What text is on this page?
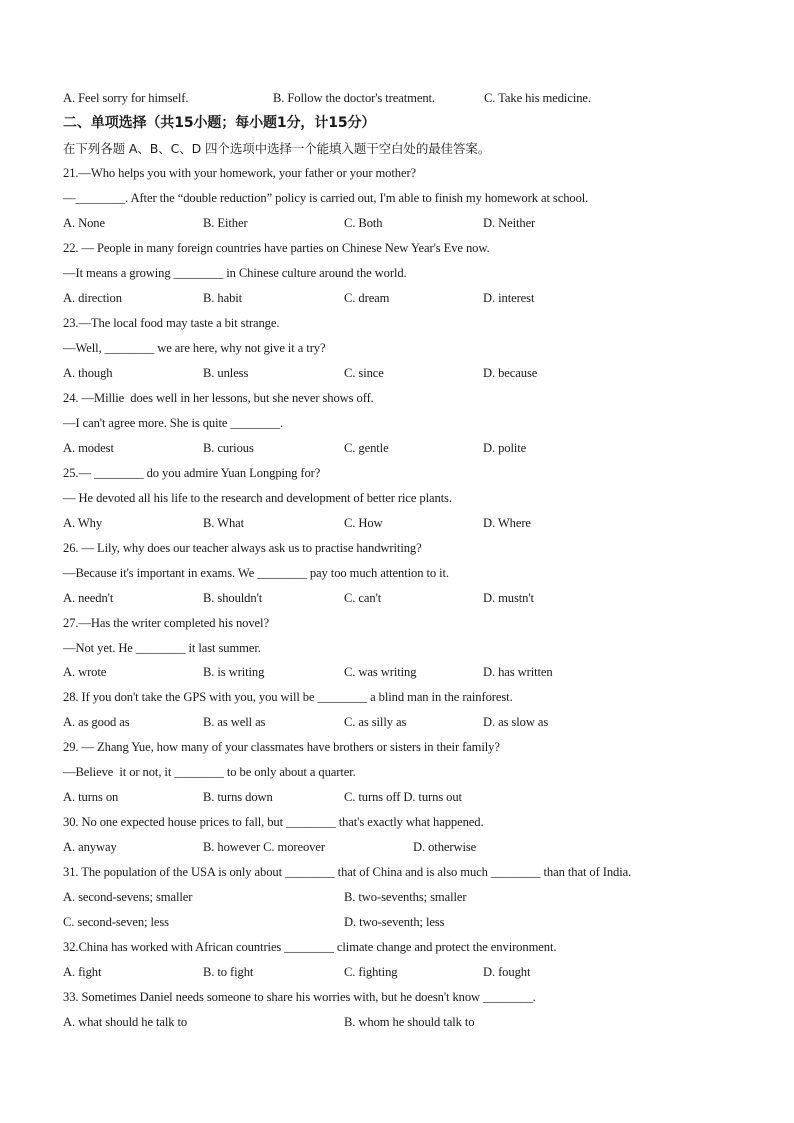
A. Feel sorry for himself.	B. Follow the doctor's treatment.	C. Take his medicine.
二、单项选择（共15小题；每小题1分，计15分）
在下列各题 A、B、C、D 四个选项中选择一个能填入题干空白处的最佳答案。
21.—Who helps you with your homework, your father or your mother?
—________. After the “double reduction” policy is carried out, I'm able to finish my homework at school.
A. None	B. Either	C. Both	D. Neither
22. — People in many foreign countries have parties on Chinese New Year's Eve now.
—It means a growing ________ in Chinese culture around the world.
A. direction	B. habit	C. dream	D. interest
23.—The local food may taste a bit strange.
—Well, ________ we are here, why not give it a try?
A. though	B. unless	C. since	D. because
24. —Millie  does well in her lessons, but she never shows off.
—I can't agree more. She is quite ________.
A. modest	B. curious	C. gentle	D. polite
25.— ________ do you admire Yuan Longping for?
— He devoted all his life to the research and development of better rice plants.
A. Why	B. What	C. How	D. Where
26. — Lily, why does our teacher always ask us to practise handwriting?
—Because it's important in exams. We ________ pay too much attention to it.
A. needn't	B. shouldn't	C. can't	D. mustn't
27.—Has the writer completed his novel?
—Not yet. He ________ it last summer.
A. wrote	B. is writing	C. was writing	D. has written
28. If you don't take the GPS with you, you will be ________ a blind man in the rainforest.
A. as good as	B. as well as	C. as silly as	D. as slow as
29. — Zhang Yue, how many of your classmates have brothers or sisters in their family?
—Believe  it or not, it ________ to be only about a quarter.
A. turns on	B. turns down	C. turns off D. turns out
30. No one expected house prices to fall, but ________ that's exactly what happened.
A. anyway	B. however C. moreover	D. otherwise
31. The population of the USA is only about ________ that of China and is also much ________ than that of India.
A. second-sevens; smaller	B. two-sevenths; smaller
C. second-seven; less	D. two-seventh; less
32.China has worked with African countries ________ climate change and protect the environment.
A. fight	B. to fight	C. fighting	D. fought
33. Sometimes Daniel needs someone to share his worries with, but he doesn't know ________.
A. what should he talk to	B. whom he should talk to
